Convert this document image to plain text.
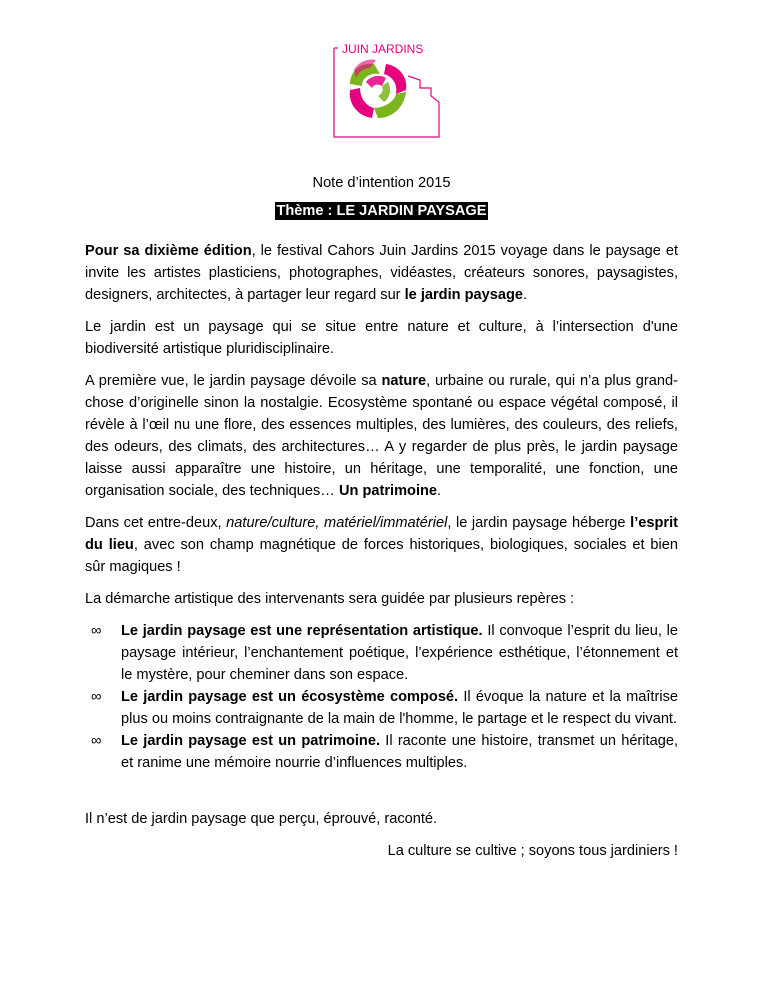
JUIN JARDINS
Note d’intention 2015
Thème : LE JARDIN PAYSAGE

Pour sa dixième édition, le festival Cahors Juin Jardins 2015 voyage dans le paysage et invite les artistes plasticiens, photographes, vidéastes, créateurs sonores, paysagistes, designers, architectes, à partager leur regard sur le jardin paysage.

Le jardin est un paysage qui se situe entre nature et culture, à l’intersection d'une biodiversité artistique pluridisciplinaire.

A première vue, le jardin paysage dévoile sa nature, urbaine ou rurale, qui n’a plus grand-chose d’originelle sinon la nostalgie. Ecosystème spontané ou espace végétal composé, il révèle à l’œil nu une flore, des essences multiples, des lumières, des couleurs, des reliefs, des odeurs, des climats, des architectures… A y regarder de plus près, le jardin paysage laisse aussi apparaître une histoire, un héritage, une temporalité, une fonction, une organisation sociale, des techniques… Un patrimoine.

Dans cet entre-deux, nature/culture, matériel/immatériel, le jardin paysage héberge l’esprit du lieu, avec son champ magnétique de forces historiques, biologiques, sociales et bien sûr magiques !

La démarche artistique des intervenants sera guidée par plusieurs repères :

∞ Le jardin paysage est une représentation artistique. Il convoque l’esprit du lieu, le paysage intérieur, l’enchantement poétique, l’expérience esthétique, l’étonnement et le mystère, pour cheminer dans son espace.
∞ Le jardin paysage est un écosystème composé. Il évoque la nature et la maîtrise plus ou moins contraignante de la main de l'homme, le partage et le respect du vivant.
∞ Le jardin paysage est un patrimoine. Il raconte une histoire, transmet un héritage, et ranime une mémoire nourrie d’influences multiples.

Il n’est de jardin paysage que perçu, éprouvé, raconté.

La culture se cultive ; soyons tous jardiniers !
